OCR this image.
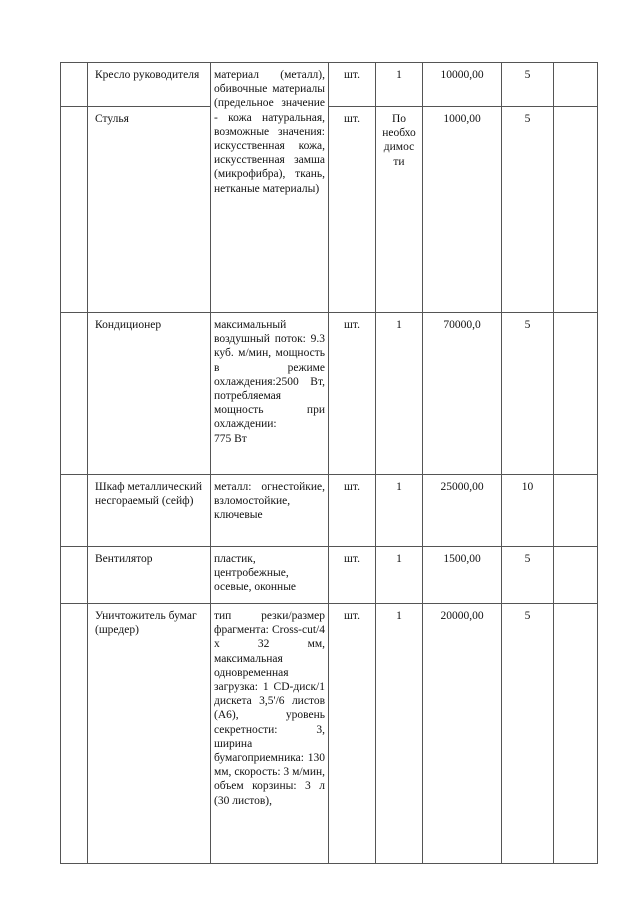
	Кресло руководителя	материал (металл), обивочные материалы (предельное значение - кожа натуральная, возможные значения: искусственная кожа, искусственная замша (микрофибра), ткань, нетканые материалы)	шт.	1	10000,00	5	
	Стулья		шт.	По
необхо
димос
ти	1000,00	5	
	Кондиционер	максимальный воздушный поток: 9.3 куб. м/мин, мощность в режиме охлаждения:2500 Вт, потребляемая мощность при охлаждении:
775 Вт	шт.	1	70000,0	5	
	Шкаф металлический несгораемый (сейф)	металл: огнестойкие, взломостойкие, ключевые	шт.	1	25000,00	10	
	Вентилятор	пластик, центробежные, осевые, оконные	шт.	1	1500,00	5	
	Уничтожитель бумаг (шредер)	тип резки/размер фрагмента: Cross-cut/4 х 32 мм, максимальная одновременная загрузка: 1 CD-диск/1 дискета 3,5'/6 листов (А6), уровень секретности: 3, ширина бумагоприемника: 130 мм, скорость: 3 м/мин, объем корзины: 3 л (30 листов),	шт.	1	20000,00	5	
